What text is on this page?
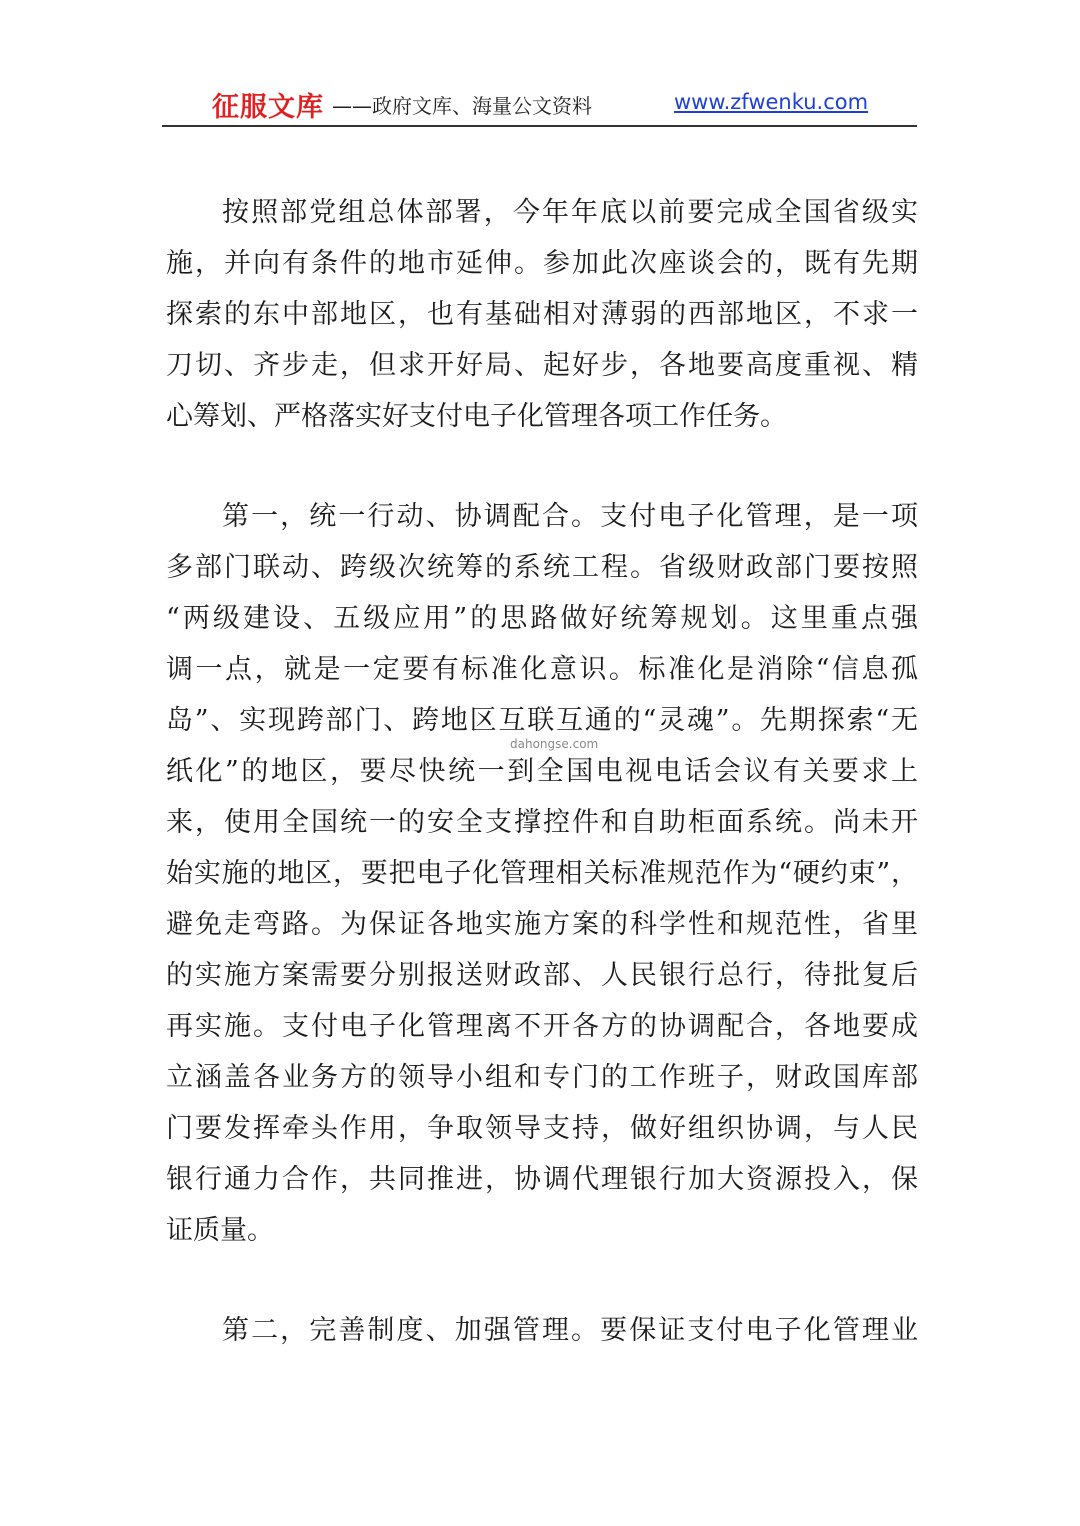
征服文库 ——政府文库、海量公文资料	www.zfwenku.com
按照部党组总体部署，今年年底以前要完成全国省级实
施，并向有条件的地市延伸。参加此次座谈会的，既有先期
探索的东中部地区，也有基础相对薄弱的西部地区，不求一
刀切、齐步走，但求开好局、起好步，各地要高度重视、精
心筹划、严格落实好支付电子化管理各项工作任务。
第一，统一行动、协调配合。支付电子化管理，是一项
多部门联动、跨级次统筹的系统工程。省级财政部门要按照
“两级建设、五级应用”的思路做好统筹规划。这里重点强
调一点，就是一定要有标准化意识。标准化是消除“信息孤
岛”、实现跨部门、跨地区互联互通的“灵魂”。先期探索“无
纸化”的地区，要尽快统一到全国电视电话会议有关要求上
来，使用全国统一的安全支撑控件和自助柜面系统。尚未开
始实施的地区，要把电子化管理相关标准规范作为“硬约束”，
避免走弯路。为保证各地实施方案的科学性和规范性，省里
的实施方案需要分别报送财政部、人民银行总行，待批复后
再实施。支付电子化管理离不开各方的协调配合，各地要成
立涵盖各业务方的领导小组和专门的工作班子，财政国库部
门要发挥牵头作用，争取领导支持，做好组织协调，与人民
银行通力合作，共同推进，协调代理银行加大资源投入，保
证质量。
第二，完善制度、加强管理。要保证支付电子化管理业
dahongse.com
